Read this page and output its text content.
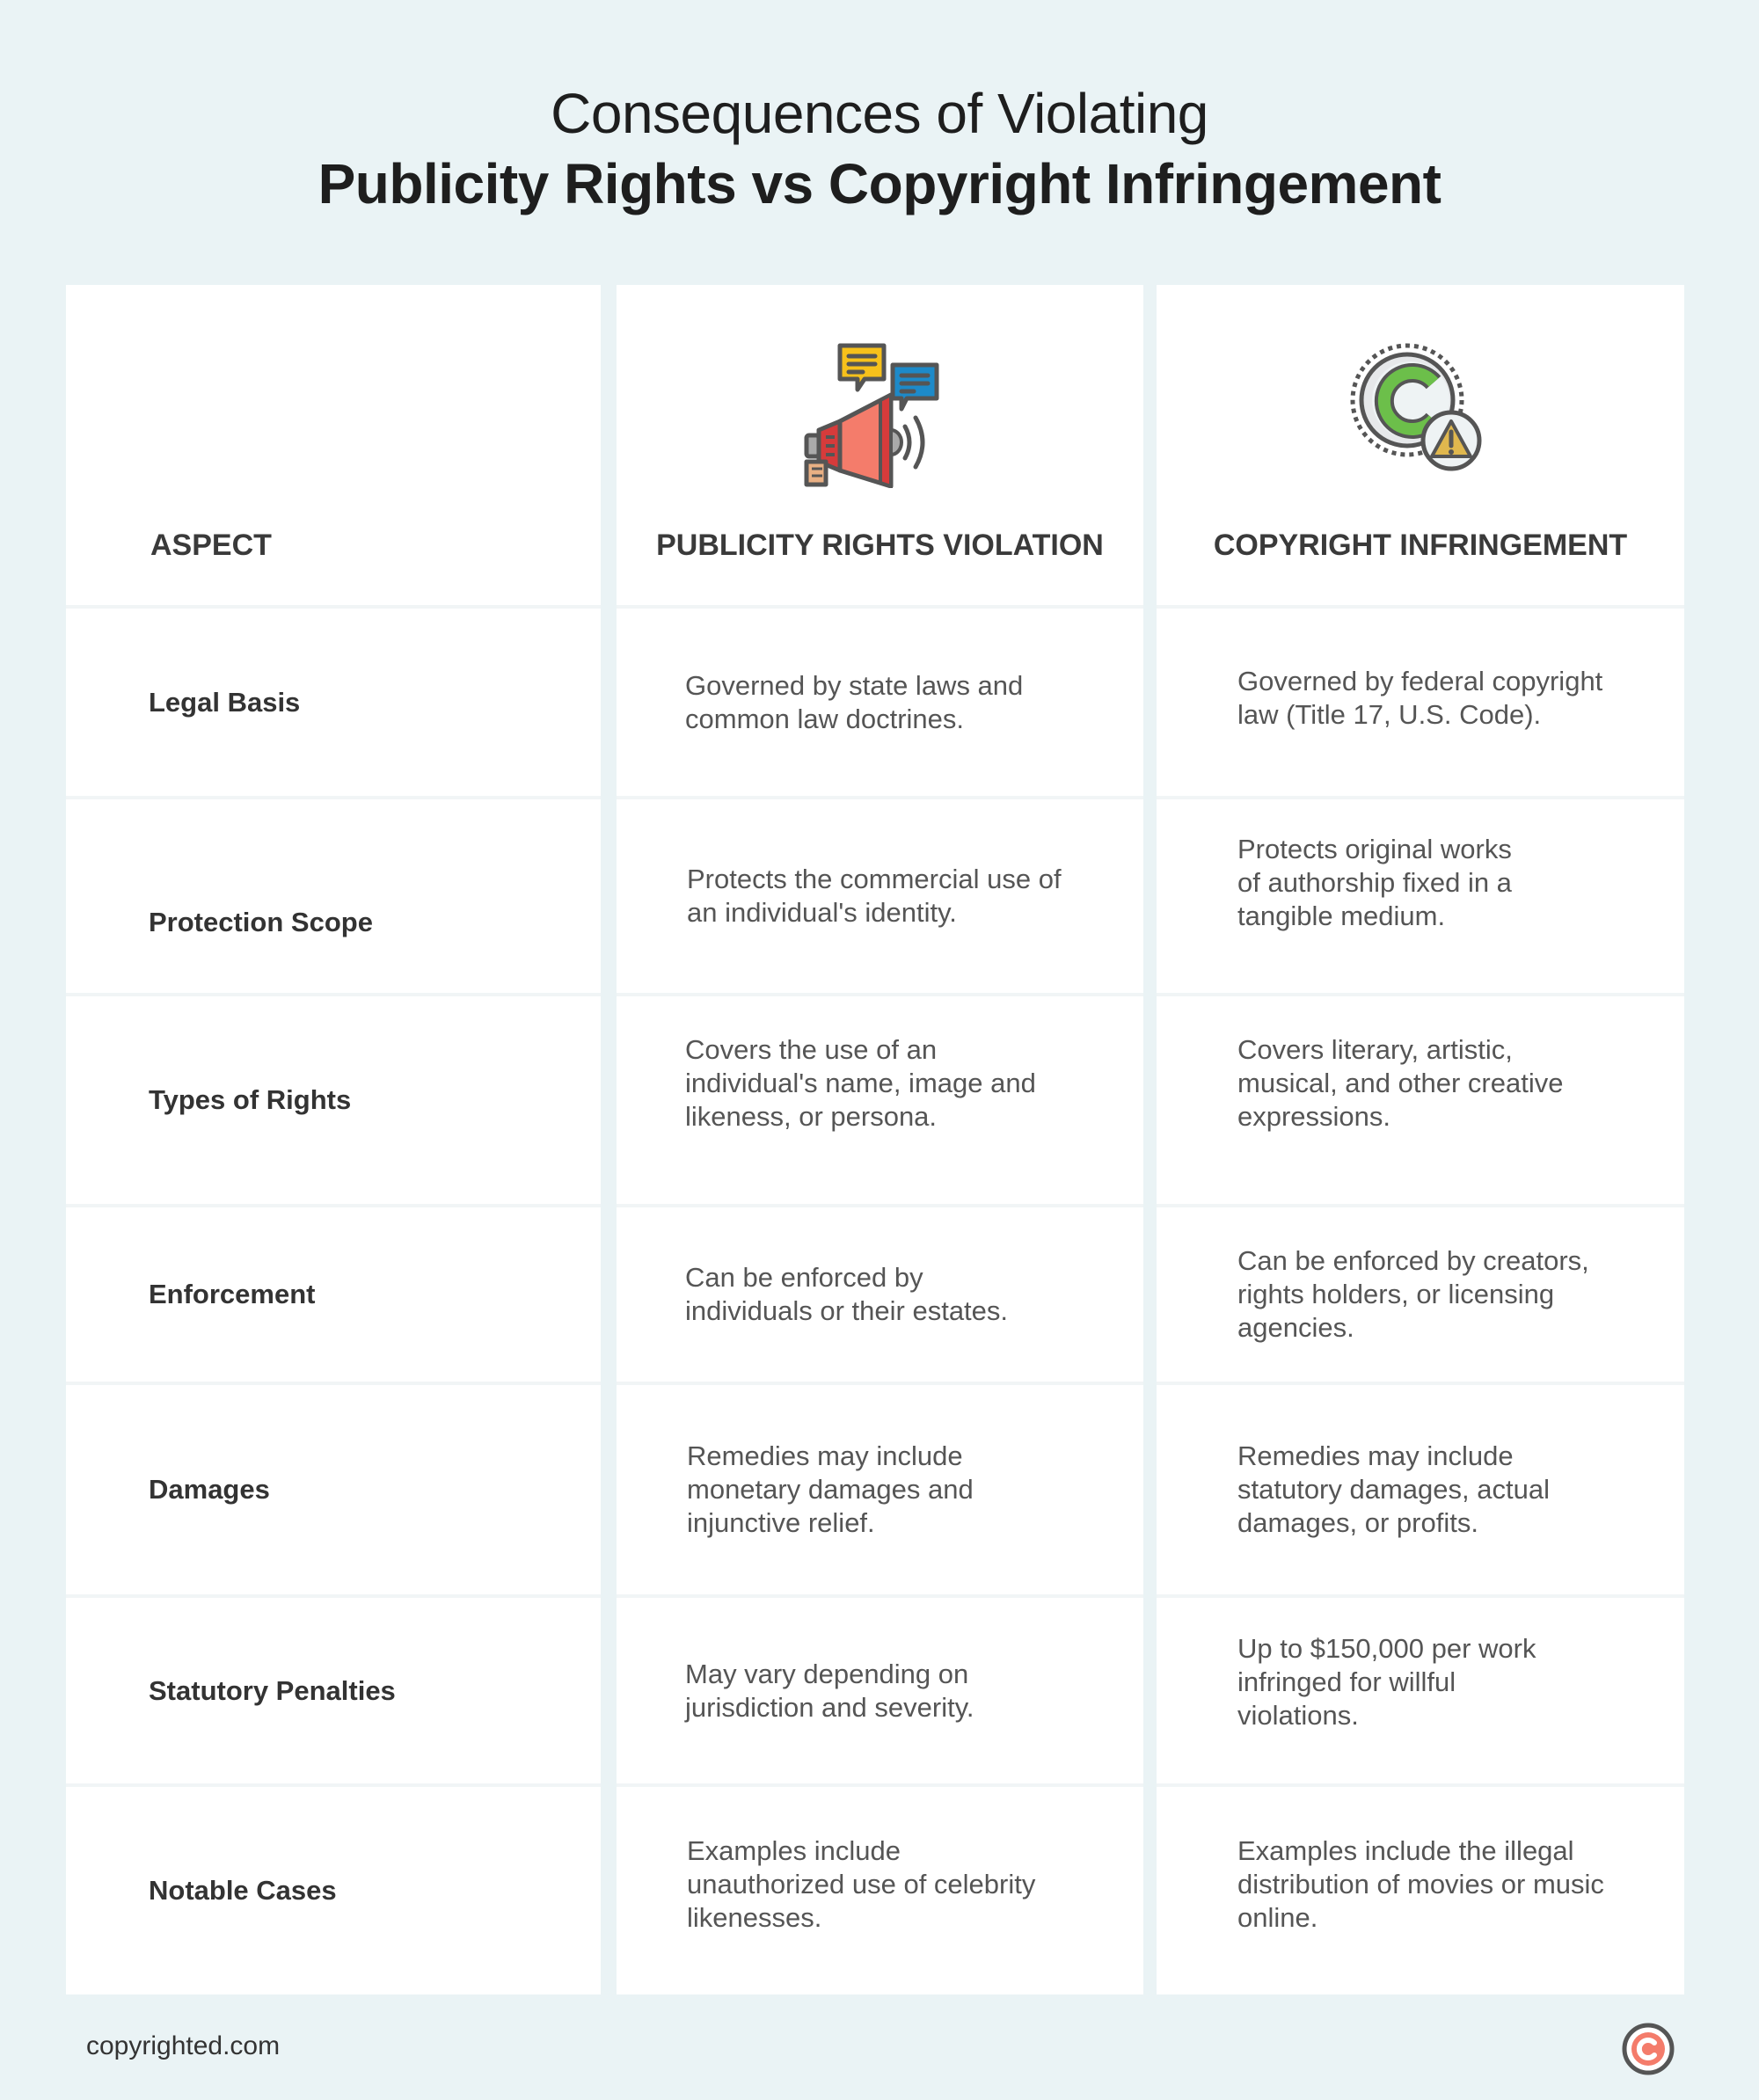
Consequences of Violating
Publicity Rights vs Copyright Infringement
ASPECT
Legal Basis
Protection Scope
Types of Rights
Enforcement
Damages
Statutory Penalties
Notable Cases
PUBLICITY RIGHTS VIOLATION
Governed by state laws and common law doctrines.
Protects the commercial use of an individual's identity.
Covers the use of an individual's name, image and likeness, or persona.
Can be enforced by individuals or their estates.
Remedies may include monetary damages and injunctive relief.
May vary depending on jurisdiction and severity.
Examples include unauthorized use of celebrity likenesses.
COPYRIGHT INFRINGEMENT
Governed by federal copyright law (Title 17, U.S. Code).
Protects original works of authorship fixed in a tangible medium.
Covers literary, artistic, musical, and other creative expressions.
Can be enforced by creators, rights holders, or licensing agencies.
Remedies may include statutory damages, actual damages, or profits.
Up to $150,000 per work infringed for willful violations.
Examples include the illegal distribution of movies or music online.
copyrighted.com
